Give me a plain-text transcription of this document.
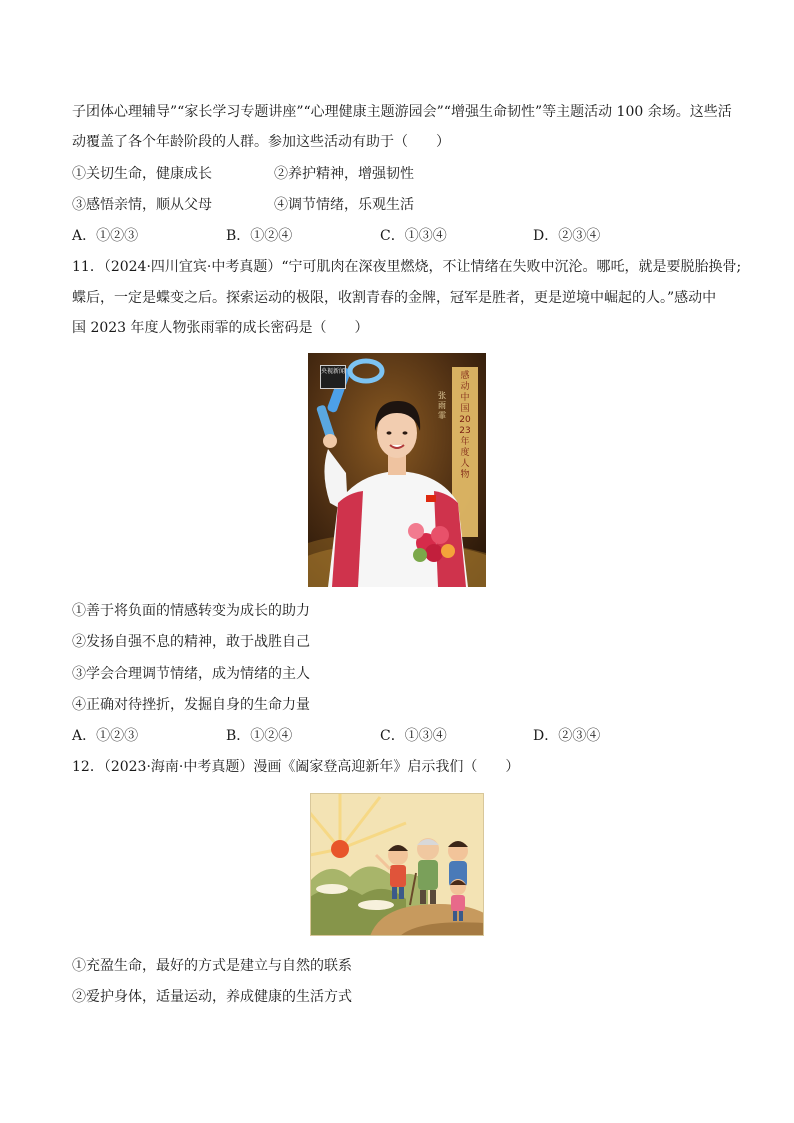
子团体心理辅导”“家长学习专题讲座”“心理健康主题游园会”“增强生命韧性”等主题活动 100 余场。这些活
动覆盖了各个年龄阶段的人群。参加这些活动有助于（　　）
①关切生命，健康成长	②养护精神，增强韧性
③感悟亲情，顺从父母	④调节情绪，乐观生活
A．①②③	B．①②④	C．①③④	D．②③④
11．（2024·四川宜宾·中考真题）“宁可肌肉在深夜里燃烧，不让情绪在失败中沉沦。哪吒，就是要脱胎换骨;
蝶后，一定是蝶变之后。探索运动的极限，收割青春的金牌，冠军是胜者，更是逆境中崛起的人。”感动中
国 2023 年度人物张雨霏的成长密码是（　　）
央视新闻	感动中国 2023 年度人物
张雨霏
①善于将负面的情感转变为成长的助力
②发扬自强不息的精神，敢于战胜自己
③学会合理调节情绪，成为情绪的主人
④正确对待挫折，发掘自身的生命力量
A．①②③	B．①②④	C．①③④	D．②③④
12．（2023·海南·中考真题）漫画《阖家登高迎新年》启示我们（　　）
①充盈生命，最好的方式是建立与自然的联系
②爱护身体，适量运动，养成健康的生活方式
